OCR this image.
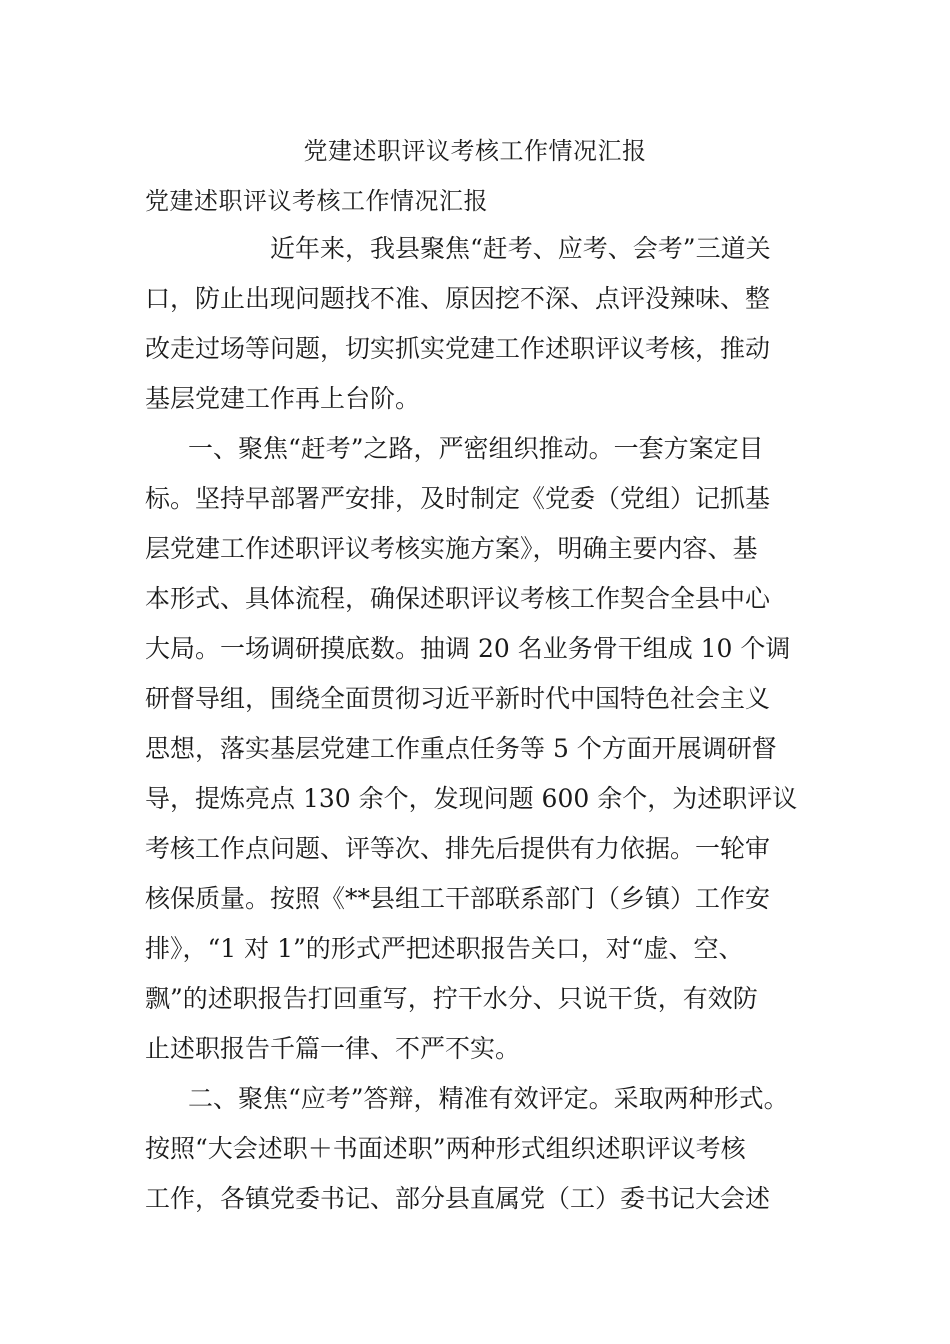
党建述职评议考核工作情况汇报
党建述职评议考核工作情况汇报
近年来，我县聚焦“赶考、应考、会考”三道关
口，防止出现问题找不准、原因挖不深、点评没辣味、整
改走过场等问题，切实抓实党建工作述职评议考核，推动
基层党建工作再上台阶。
一、聚焦“赶考”之路，严密组织推动。一套方案定目
标。坚持早部署严安排，及时制定《党委（党组）记抓基
层党建工作述职评议考核实施方案》，明确主要内容、基
本形式、具体流程，确保述职评议考核工作契合全县中心
大局。一场调研摸底数。抽调 20 名业务骨干组成 10 个调
研督导组，围绕全面贯彻习近平新时代中国特色社会主义
思想，落实基层党建工作重点任务等 5 个方面开展调研督
导，提炼亮点 130 余个，发现问题 600 余个，为述职评议
考核工作点问题、评等次、排先后提供有力依据。一轮审
核保质量。按照《**县组工干部联系部门（乡镇）工作安
排》，“1 对 1”的形式严把述职报告关口，对“虚、空、
飘”的述职报告打回重写，拧干水分、只说干货，有效防
止述职报告千篇一律、不严不实。
二、聚焦“应考”答辩，精准有效评定。采取两种形式。
按照“大会述职＋书面述职”两种形式组织述职评议考核
工作，各镇党委书记、部分县直属党（工）委书记大会述
